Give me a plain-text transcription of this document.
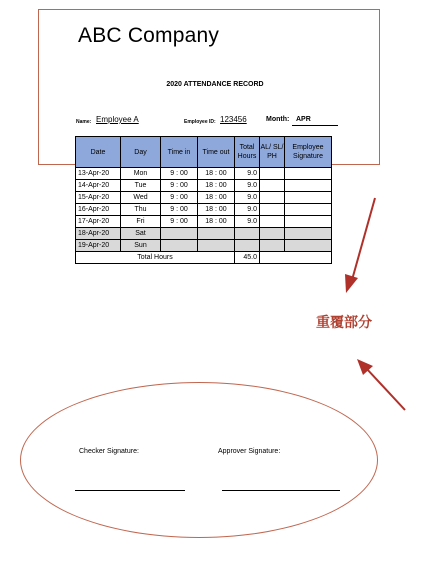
ABC Company
2020 ATTENDANCE RECORD
Name: Employee A	Employee ID: 123456	Month: APR
Date	Day	Time in	Time out	Total Hours	AL/ SL/ PH	Employee Signature
13-Apr-20	Mon	9 : 00	18 : 00	9.0		
14-Apr-20	Tue	9 : 00	18 : 00	9.0		
15-Apr-20	Wed	9 : 00	18 : 00	9.0		
16-Apr-20	Thu	9 : 00	18 : 00	9.0		
17-Apr-20	Fri	9 : 00	18 : 00	9.0		
18-Apr-20	Sat					
19-Apr-20	Sun					
Total Hours				45.0		
重覆部分
Checker Signature:	Approver Signature:
